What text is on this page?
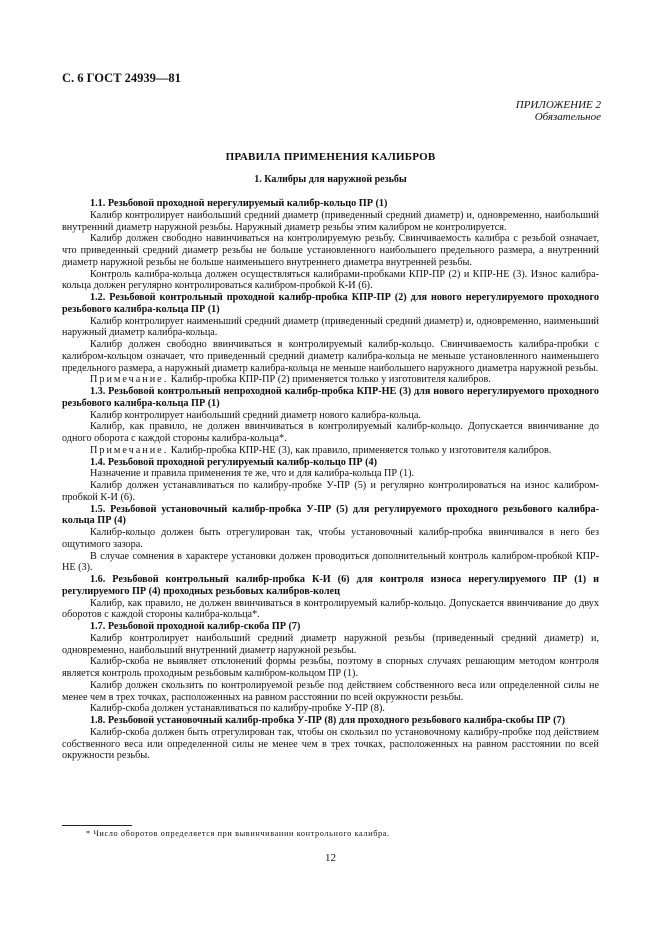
С. 6 ГОСТ 24939—81
ПРИЛОЖЕНИЕ 2
Обязательное
ПРАВИЛА ПРИМЕНЕНИЯ КАЛИБРОВ
1. Калибры для наружной резьбы

1.1. Резьбовой проходной нерегулируемый калибр-кольцо ПР (1)

Калибр контролирует наибольший средний диаметр (приведенный средний диаметр) и, одновременно, наибольший внутренний диаметр наружной резьбы. Наружный диаметр резьбы этим калибром не контролируется.

Калибр должен свободно навинчиваться на контролируемую резьбу. Свинчиваемость калибра с резьбой означает, что приведенный средний диаметр резьбы не больше установленного наибольшего предельного размера, а внутренний диаметр наружной резьбы не больше наименьшего внутреннего диаметра внутренней резьбы.

Контроль калибра-кольца должен осуществляться калибрами-пробками КПР-ПР (2) и КПР-НЕ (3). Износ калибра-кольца должен регулярно контролироваться калибром-пробкой К-И (6).

1.2. Резьбовой контрольный проходной калибр-пробка КПР-ПР (2) для нового нерегулируемого проходного резьбового калибра-кольца ПР (1)

Калибр контролирует наименьший средний диаметр (приведенный средний диаметр) и, одновременно, наименьший наружный диаметр калибра-кольца.

Калибр должен свободно ввинчиваться в контролируемый калибр-кольцо. Свинчиваемость калибра-пробки с калибром-кольцом означает, что приведенный средний диаметр калибра-кольца не меньше установленного наименьшего предельного размера, а наружный диаметр калибра-кольца не меньше наибольшего наружного диаметра наружной резьбы.

Примечание. Калибр-пробка КПР-ПР (2) применяется только у изготовителя калибров.

1.3. Резьбовой контрольный непроходной калибр-пробка КПР-НЕ (3) для нового нерегулируемого проходного резьбового калибра-кольца ПР (1)

Калибр контролирует наибольший средний диаметр нового калибра-кольца.

Калибр, как правило, не должен ввинчиваться в контролируемый калибр-кольцо. Допускается ввинчивание до одного оборота с каждой стороны калибра-кольца*.

Примечание. Калибр-пробка КПР-НЕ (3), как правило, применяется только у изготовителя калибров.

1.4. Резьбовой проходной регулируемый калибр-кольцо ПР (4)

Назначение и правила применения те же, что и для калибра-кольца ПР (1).

Калибр должен устанавливаться по калибру-пробке У-ПР (5) и регулярно контролироваться на износ калибром-пробкой К-И (6).

1.5. Резьбовой установочный калибр-пробка У-ПР (5) для регулируемого проходного резьбового калибра-кольца ПР (4)

Калибр-кольцо должен быть отрегулирован так, чтобы установочный калибр-пробка ввинчивался в него без ощутимого зазора.

В случае сомнения в характере установки должен проводиться дополнительный контроль калибром-пробкой КПР-НЕ (3).

1.6. Резьбовой контрольный калибр-пробка К-И (6) для контроля износа нерегулируемого ПР (1) и регулируемого ПР (4) проходных резьбовых калибров-колец

Калибр, как правило, не должен ввинчиваться в контролируемый калибр-кольцо. Допускается ввинчивание до двух оборотов с каждой стороны калибра-кольца*.

1.7. Резьбовой проходной калибр-скоба ПР (7)

Калибр контролирует наибольший средний диаметр наружной резьбы (приведенный средний диаметр) и, одновременно, наибольший внутренний диаметр наружной резьбы.

Калибр-скоба не выявляет отклонений формы резьбы, поэтому в спорных случаях решающим методом контроля является контроль проходным резьбовым калибром-кольцом ПР (1).

Калибр должен скользить по контролируемой резьбе под действием собственного веса или определенной силы не менее чем в трех точках, расположенных на равном расстоянии по всей окружности резьбы.

Калибр-скоба должен устанавливаться по калибру-пробке У-ПР (8).

1.8. Резьбовой установочный калибр-пробка У-ПР (8) для проходного резьбового калибра-скобы ПР (7)

Калибр-скоба должен быть отрегулирован так, чтобы он скользил по установочному калибру-пробке под действием собственного веса или определенной силы не менее чем в трех точках, расположенных на равном расстоянии по всей окружности резьбы.

* Число оборотов определяется при вывинчивании контрольного калибра.
12
